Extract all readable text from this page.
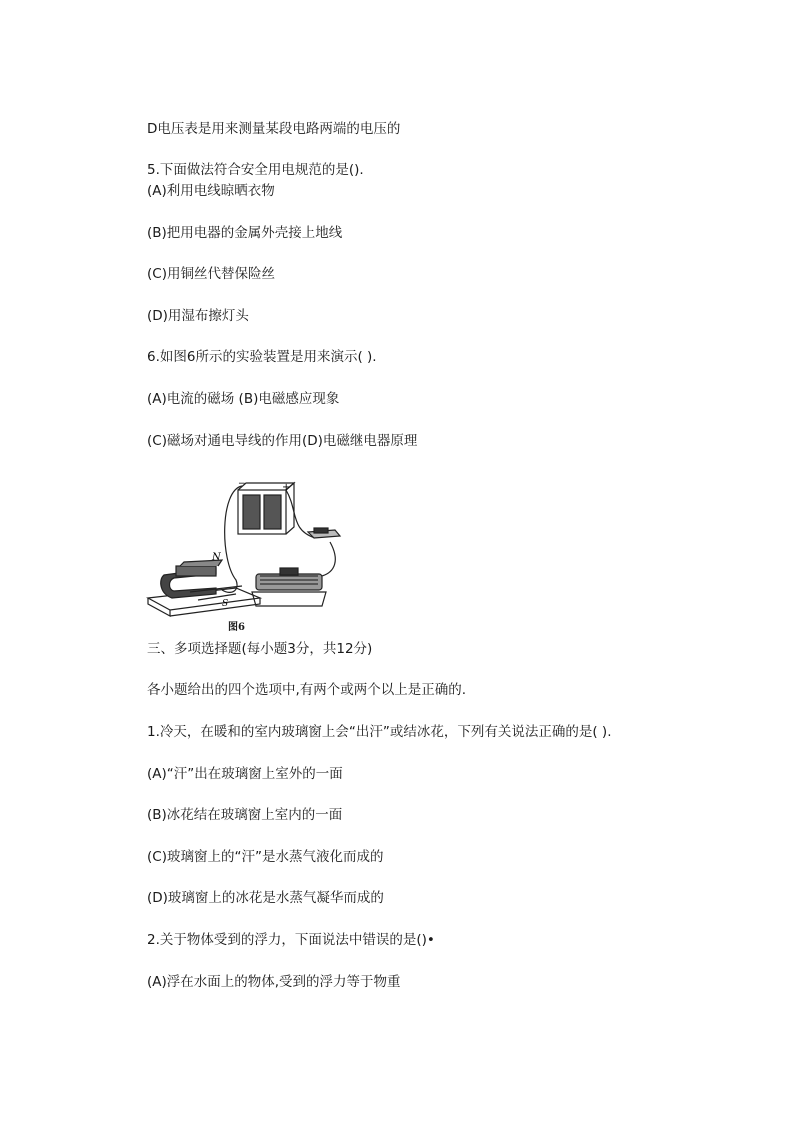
D电压表是用来测量某段电路两端的电压的
5.下面做法符合安全用电规范的是().
(A)利用电线晾晒衣物
(B)把用电器的金属外壳接上地线
(C)用铜丝代替保险丝
(D)用湿布擦灯头
6.如图6所示的实验装置是用来演示( ).
(A)电流的磁场 (B)电磁感应现象
(C)磁场对通电导线的作用(D)电磁继电器原理
N
S
−	+
图6
三、多项选择题(每小题3分，共12分)
各小题给出的四个选项中,有两个或两个以上是正确的.
1.冷天，在暖和的室内玻璃窗上会“出汗”或结冰花，下列有关说法正确的是( ).
(A)“汗”出在玻璃窗上室外的一面
(B)冰花结在玻璃窗上室内的一面
(C)玻璃窗上的“汗”是水蒸气液化而成的
(D)玻璃窗上的冰花是水蒸气凝华而成的
2.关于物体受到的浮力，下面说法中错误的是()•
(A)浮在水面上的物体,受到的浮力等于物重
